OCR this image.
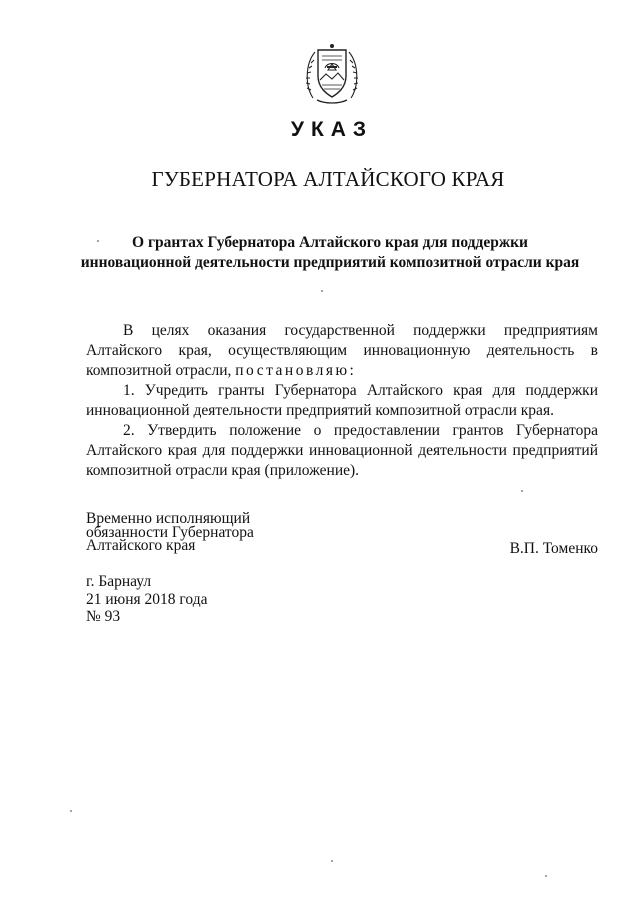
УКАЗ
ГУБЕРНАТОРА АЛТАЙСКОГО КРАЯ
О грантах Губернатора Алтайского края для поддержки
инновационной деятельности предприятий композитной отрасли края

В целях оказания государственной поддержки предприятиям Алтайского края, осуществляющим инновационную деятельность в композитной отрасли, постановляю:

1. Учредить гранты Губернатора Алтайского края для поддержки инновационной деятельности предприятий композитной отрасли края.

2. Утвердить положение о предоставлении грантов Губернатора Алтайского края для поддержки инновационной деятельности предприятий композитной отрасли края (приложение).

Временно исполняющий
обязанности Губернатора
Алтайского края	В.П. Томенко
г. Барнаул
21 июня 2018 года
№ 93
